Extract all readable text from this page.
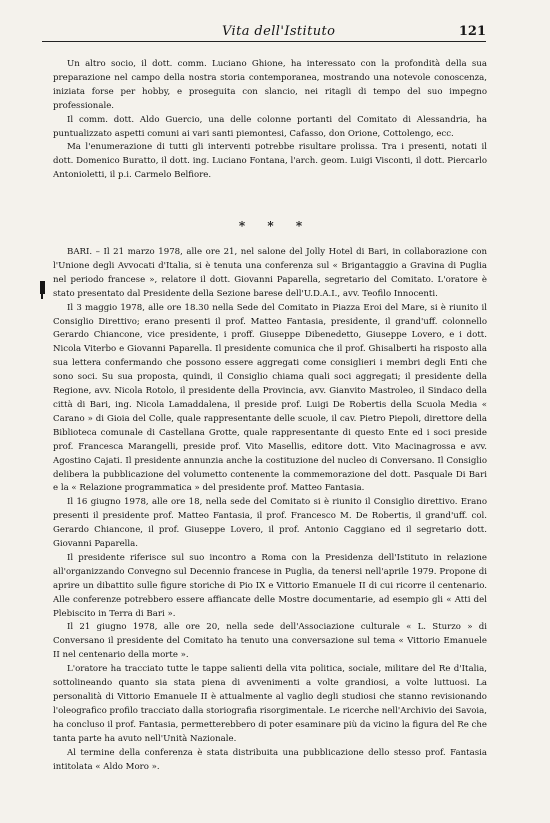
Vita dell'Istituto	121

Un altro socio, il dott. comm. Luciano Ghione, ha interessato con la profondità della sua preparazione nel campo della nostra storia contemporanea, mostrando una notevole conoscenza, iniziata forse per hobby, e proseguita con slancio, nei ritagli di tempo del suo impegno professionale.

Il comm. dott. Aldo Guercio, una delle colonne portanti del Comitato di Alessandria, ha puntualizzato aspetti comuni ai vari santi piemontesi, Cafasso, don Orione, Cottolengo, ecc.

Ma l'enumerazione di tutti gli interventi potrebbe risultare prolissa. Tra i presenti, notati il dott. Domenico Buratto, il dott. ing. Luciano Fontana, l'arch. geom. Luigi Visconti, il dott. Piercarlo Antonioletti, il p.i. Carmelo Belfiore.

* * *

BARI. – Il 21 marzo 1978, alle ore 21, nel salone del Jolly Hotel di Bari, in collaborazione con l'Unione degli Avvocati d'Italia, si è tenuta una conferenza sul « Brigantaggio a Gravina di Puglia nel periodo francese », relatore il dott. Giovanni Paparella, segretario del Comitato. L'oratore è stato presentato dal Presidente della Sezione barese dell'U.D.A.I., avv. Teofilo Innocenti.

Il 3 maggio 1978, alle ore 18.30 nella Sede del Comitato in Piazza Eroi del Mare, si è riunito il Consiglio Direttivo; erano presenti il prof. Matteo Fantasia, presidente, il grand'uff. colonnello Gerardo Chiancone, vice presidente, i proff. Giuseppe Dibenedetto, Giuseppe Lovero, e i dott. Nicola Viterbo e Giovanni Paparella. Il presidente comunica che il prof. Ghisalberti ha risposto alla sua lettera confermando che possono essere aggregati come consiglieri i membri degli Enti che sono soci. Su sua proposta, quindi, il Consiglio chiama quali soci aggregati; il presidente della Regione, avv. Nicola Rotolo, il presidente della Provincia, avv. Gianvito Mastroleo, il Sindaco della città di Bari, ing. Nicola Lamaddalena, il preside prof. Luigi De Robertis della Scuola Media « Carano » di Gioia del Colle, quale rappresentante delle scuole, il cav. Pietro Piepoli, direttore della Biblioteca comunale di Castellana Grotte, quale rappresentante di questo Ente ed i soci preside prof. Francesca Marangelli, preside prof. Vito Masellis, editore dott. Vito Macinagrossa e avv. Agostino Cajati. Il presidente annunzia anche la costituzione del nucleo di Conversano. Il Consiglio delibera la pubblicazione del volumetto contenente la commemorazione del dott. Pasquale Di Bari e la « Relazione programmatica » del presidente prof. Matteo Fantasia.

Il 16 giugno 1978, alle ore 18, nella sede del Comitato si è riunito il Consiglio direttivo. Erano presenti il presidente prof. Matteo Fantasia, il prof. Francesco M. De Robertis, il grand'uff. col. Gerardo Chiancone, il prof. Giuseppe Lovero, il prof. Antonio Caggiano ed il segretario dott. Giovanni Paparella.

Il presidente riferisce sul suo incontro a Roma con la Presidenza dell'Istituto in relazione all'organizzando Convegno sul Decennio francese in Puglia, da tenersi nell'aprile 1979. Propone di aprire un dibattito sulle figure storiche di Pio IX e Vittorio Emanuele II di cui ricorre il centenario. Alle conferenze potrebbero essere affiancate delle Mostre documentarie, ad esempio gli « Atti del Plebiscito in Terra di Bari ».

Il 21 giugno 1978, alle ore 20, nella sede dell'Associazione culturale « L. Sturzo » di Conversano il presidente del Comitato ha tenuto una conversazione sul tema « Vittorio Emanuele II nel centenario della morte ».

L'oratore ha tracciato tutte le tappe salienti della vita politica, sociale, militare del Re d'Italia, sottolineando quanto sia stata piena di avvenimenti a volte grandiosi, a volte luttuosi. La personalità di Vittorio Emanuele II è attualmente al vaglio degli studiosi che stanno revisionando l'oleografico profilo tracciato dalla storiografia risorgimentale. Le ricerche nell'Archivio dei Savoia, ha concluso il prof. Fantasia, permetterebbero di poter esaminare più da vicino la figura del Re che tanta parte ha avuto nell'Unità Nazionale.

Al termine della conferenza è stata distribuita una pubblicazione dello stesso prof. Fantasia intitolata « Aldo Moro ».
